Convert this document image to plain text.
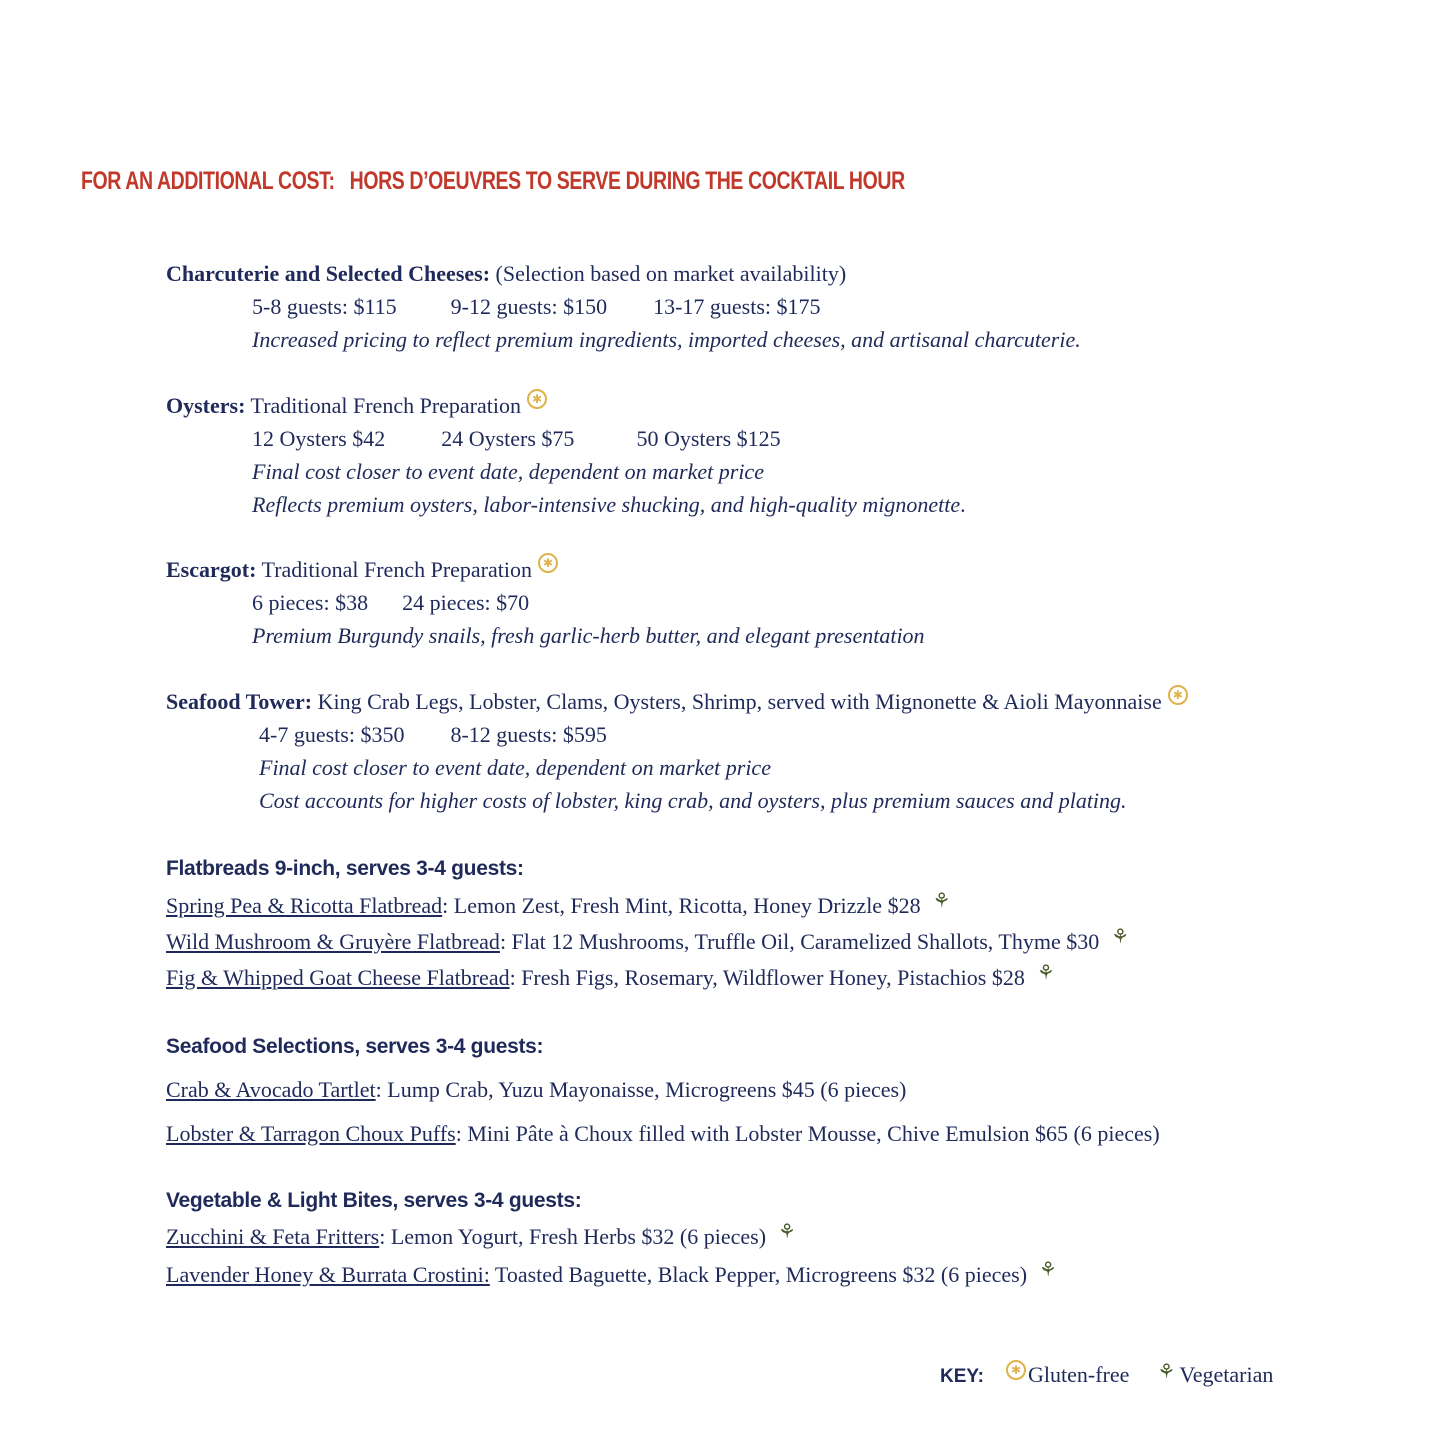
FOR AN ADDITIONAL COST:   HORS D’OEUVRES TO SERVE DURING THE COCKTAIL HOUR
Charcuterie and Selected Cheeses: (Selection based on market availability)
5-8 guests: $115 9-12 guests: $150 13-17 guests: $175
Increased pricing to reflect premium ingredients, imported cheeses, and artisanal charcuterie.
Oysters: Traditional French Preparation ✱
12 Oysters $42	24 Oysters $75	50 Oysters $125
Final cost closer to event date, dependent on market price
Reflects premium oysters, labor-intensive shucking, and high-quality mignonette.
Escargot: Traditional French Preparation ✱
6 pieces: $38 24 pieces: $70
Premium Burgundy snails, fresh garlic-herb butter, and elegant presentation
Seafood Tower: King Crab Legs, Lobster, Clams, Oysters, Shrimp, served with Mignonette & Aioli Mayonnaise ✱
4-7 guests: $350 8-12 guests: $595
Final cost closer to event date, dependent on market price
Cost accounts for higher costs of lobster, king crab, and oysters, plus premium sauces and plating.
Flatbreads 9-inch, serves 3-4 guests:
Spring Pea & Ricotta Flatbread: Lemon Zest, Fresh Mint, Ricotta, Honey Drizzle $28 ⚘
Wild Mushroom & Gruyère Flatbread: Flat 12 Mushrooms, Truffle Oil, Caramelized Shallots, Thyme $30 ⚘
Fig & Whipped Goat Cheese Flatbread: Fresh Figs, Rosemary, Wildflower Honey, Pistachios $28 ⚘
Seafood Selections, serves 3-4 guests:
Crab & Avocado Tartlet: Lump Crab, Yuzu Mayonaisse, Microgreens $45 (6 pieces)
Lobster & Tarragon Choux Puffs: Mini Pâte à Choux filled with Lobster Mousse, Chive Emulsion $65 (6 pieces)
Vegetable & Light Bites, serves 3-4 guests:
Zucchini & Feta Fritters: Lemon Yogurt, Fresh Herbs $32 (6 pieces) ⚘
Lavender Honey & Burrata Crostini: Toasted Baguette, Black Pepper, Microgreens $32 (6 pieces) ⚘
KEY: ✱ Gluten-free ⚘ Vegetarian
